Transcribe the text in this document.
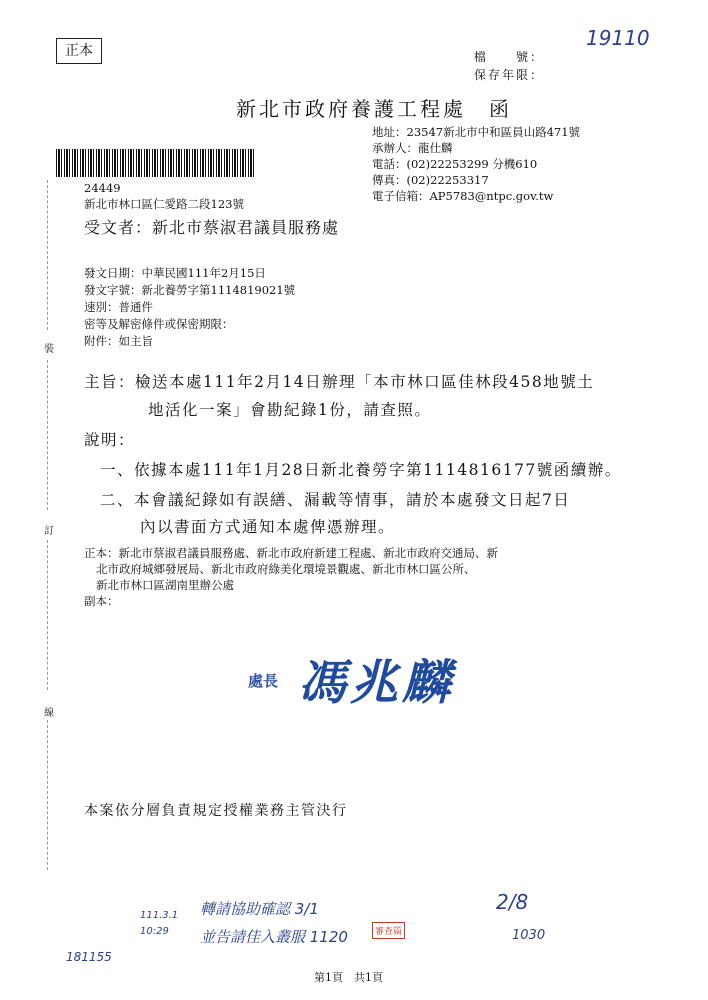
正本	檔　　號：
保存年限：
19110
新北市政府養護工程處　函
地址：23547新北市中和區員山路471號
承辦人：龍仕麟
電話：(02)22253299 分機610
傳真：(02)22253317
電子信箱：AP5783@ntpc.gov.tw
24449
新北市林口區仁愛路二段123號
受文者：新北市蔡淑君議員服務處
發文日期：中華民國111年2月15日
發文字號：新北養勞字第1114819021號
速別：普通件
密等及解密條件或保密期限：
附件：如主旨
主旨：檢送本處111年2月14日辦理「本市林口區佳林段458地號土
地活化一案」會勘紀錄1份，請查照。
說明：
一、依據本處111年1月28日新北養勞字第1114816177號函續辦。
二、本會議紀錄如有誤繕、漏載等情事，請於本處發文日起7日
內以書面方式通知本處俾憑辦理。
正本：新北市蔡淑君議員服務處、新北市政府新建工程處、新北市政府交通局、新
北市政府城鄉發展局、新北市政府綠美化環境景觀處、新北市林口區公所、
新北市林口區湖南里辦公處
副本：
處長 馮兆麟
本案依分層負責規定授權業務主管決行
裝
訂
線
轉請協助確認 3/1
並告請佳入叢服 1120
111.3.1
10:29
181155
2/8
1030
審查篇
第1頁　共1頁
